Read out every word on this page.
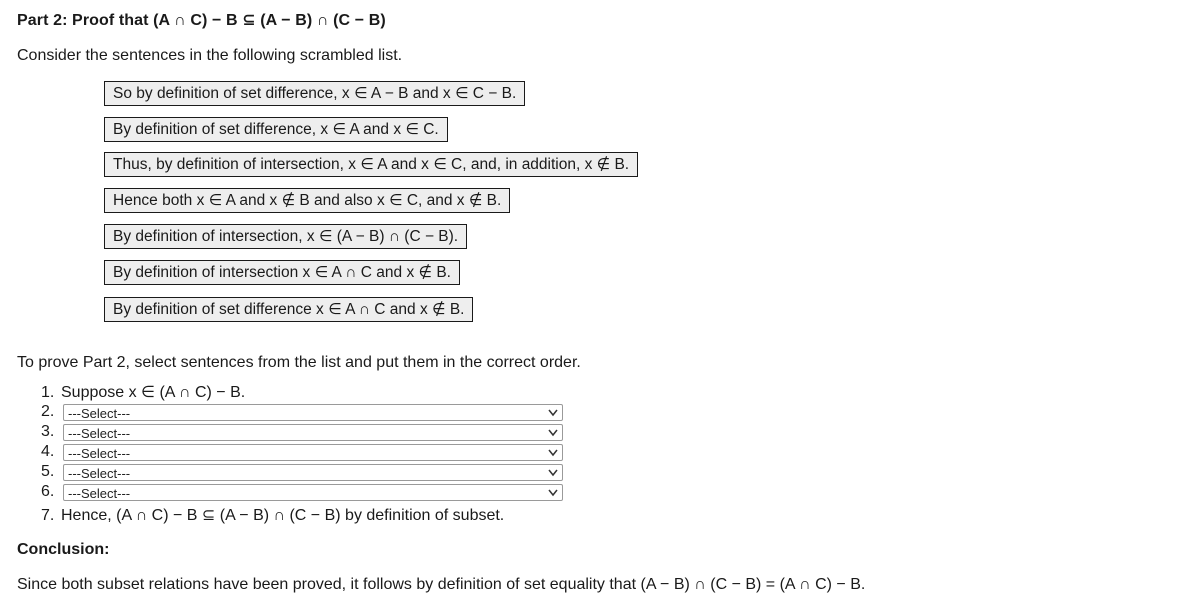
Part 2: Proof that (A ∩ C) − B ⊆ (A − B) ∩ (C − B)
Consider the sentences in the following scrambled list.
So by definition of set difference, x ∈ A − B and x ∈ C − B.
By definition of set difference, x ∈ A and x ∈ C.
Thus, by definition of intersection, x ∈ A and x ∈ C, and, in addition, x ∉ B.
Hence both x ∈ A and x ∉ B and also x ∈ C, and x ∉ B.
By definition of intersection, x ∈ (A − B) ∩ (C − B).
By definition of intersection x ∈ A ∩ C and x ∉ B.
By definition of set difference x ∈ A ∩ C and x ∉ B.
To prove Part 2, select sentences from the list and put them in the correct order.
1. Suppose x ∈ (A ∩ C) − B.
2.	---Select---
3.	---Select---
4.	---Select---
5.	---Select---
6.	---Select---
7. Hence, (A ∩ C) − B ⊆ (A − B) ∩ (C − B) by definition of subset.
Conclusion:
Since both subset relations have been proved, it follows by definition of set equality that (A − B) ∩ (C − B) = (A ∩ C) − B.
